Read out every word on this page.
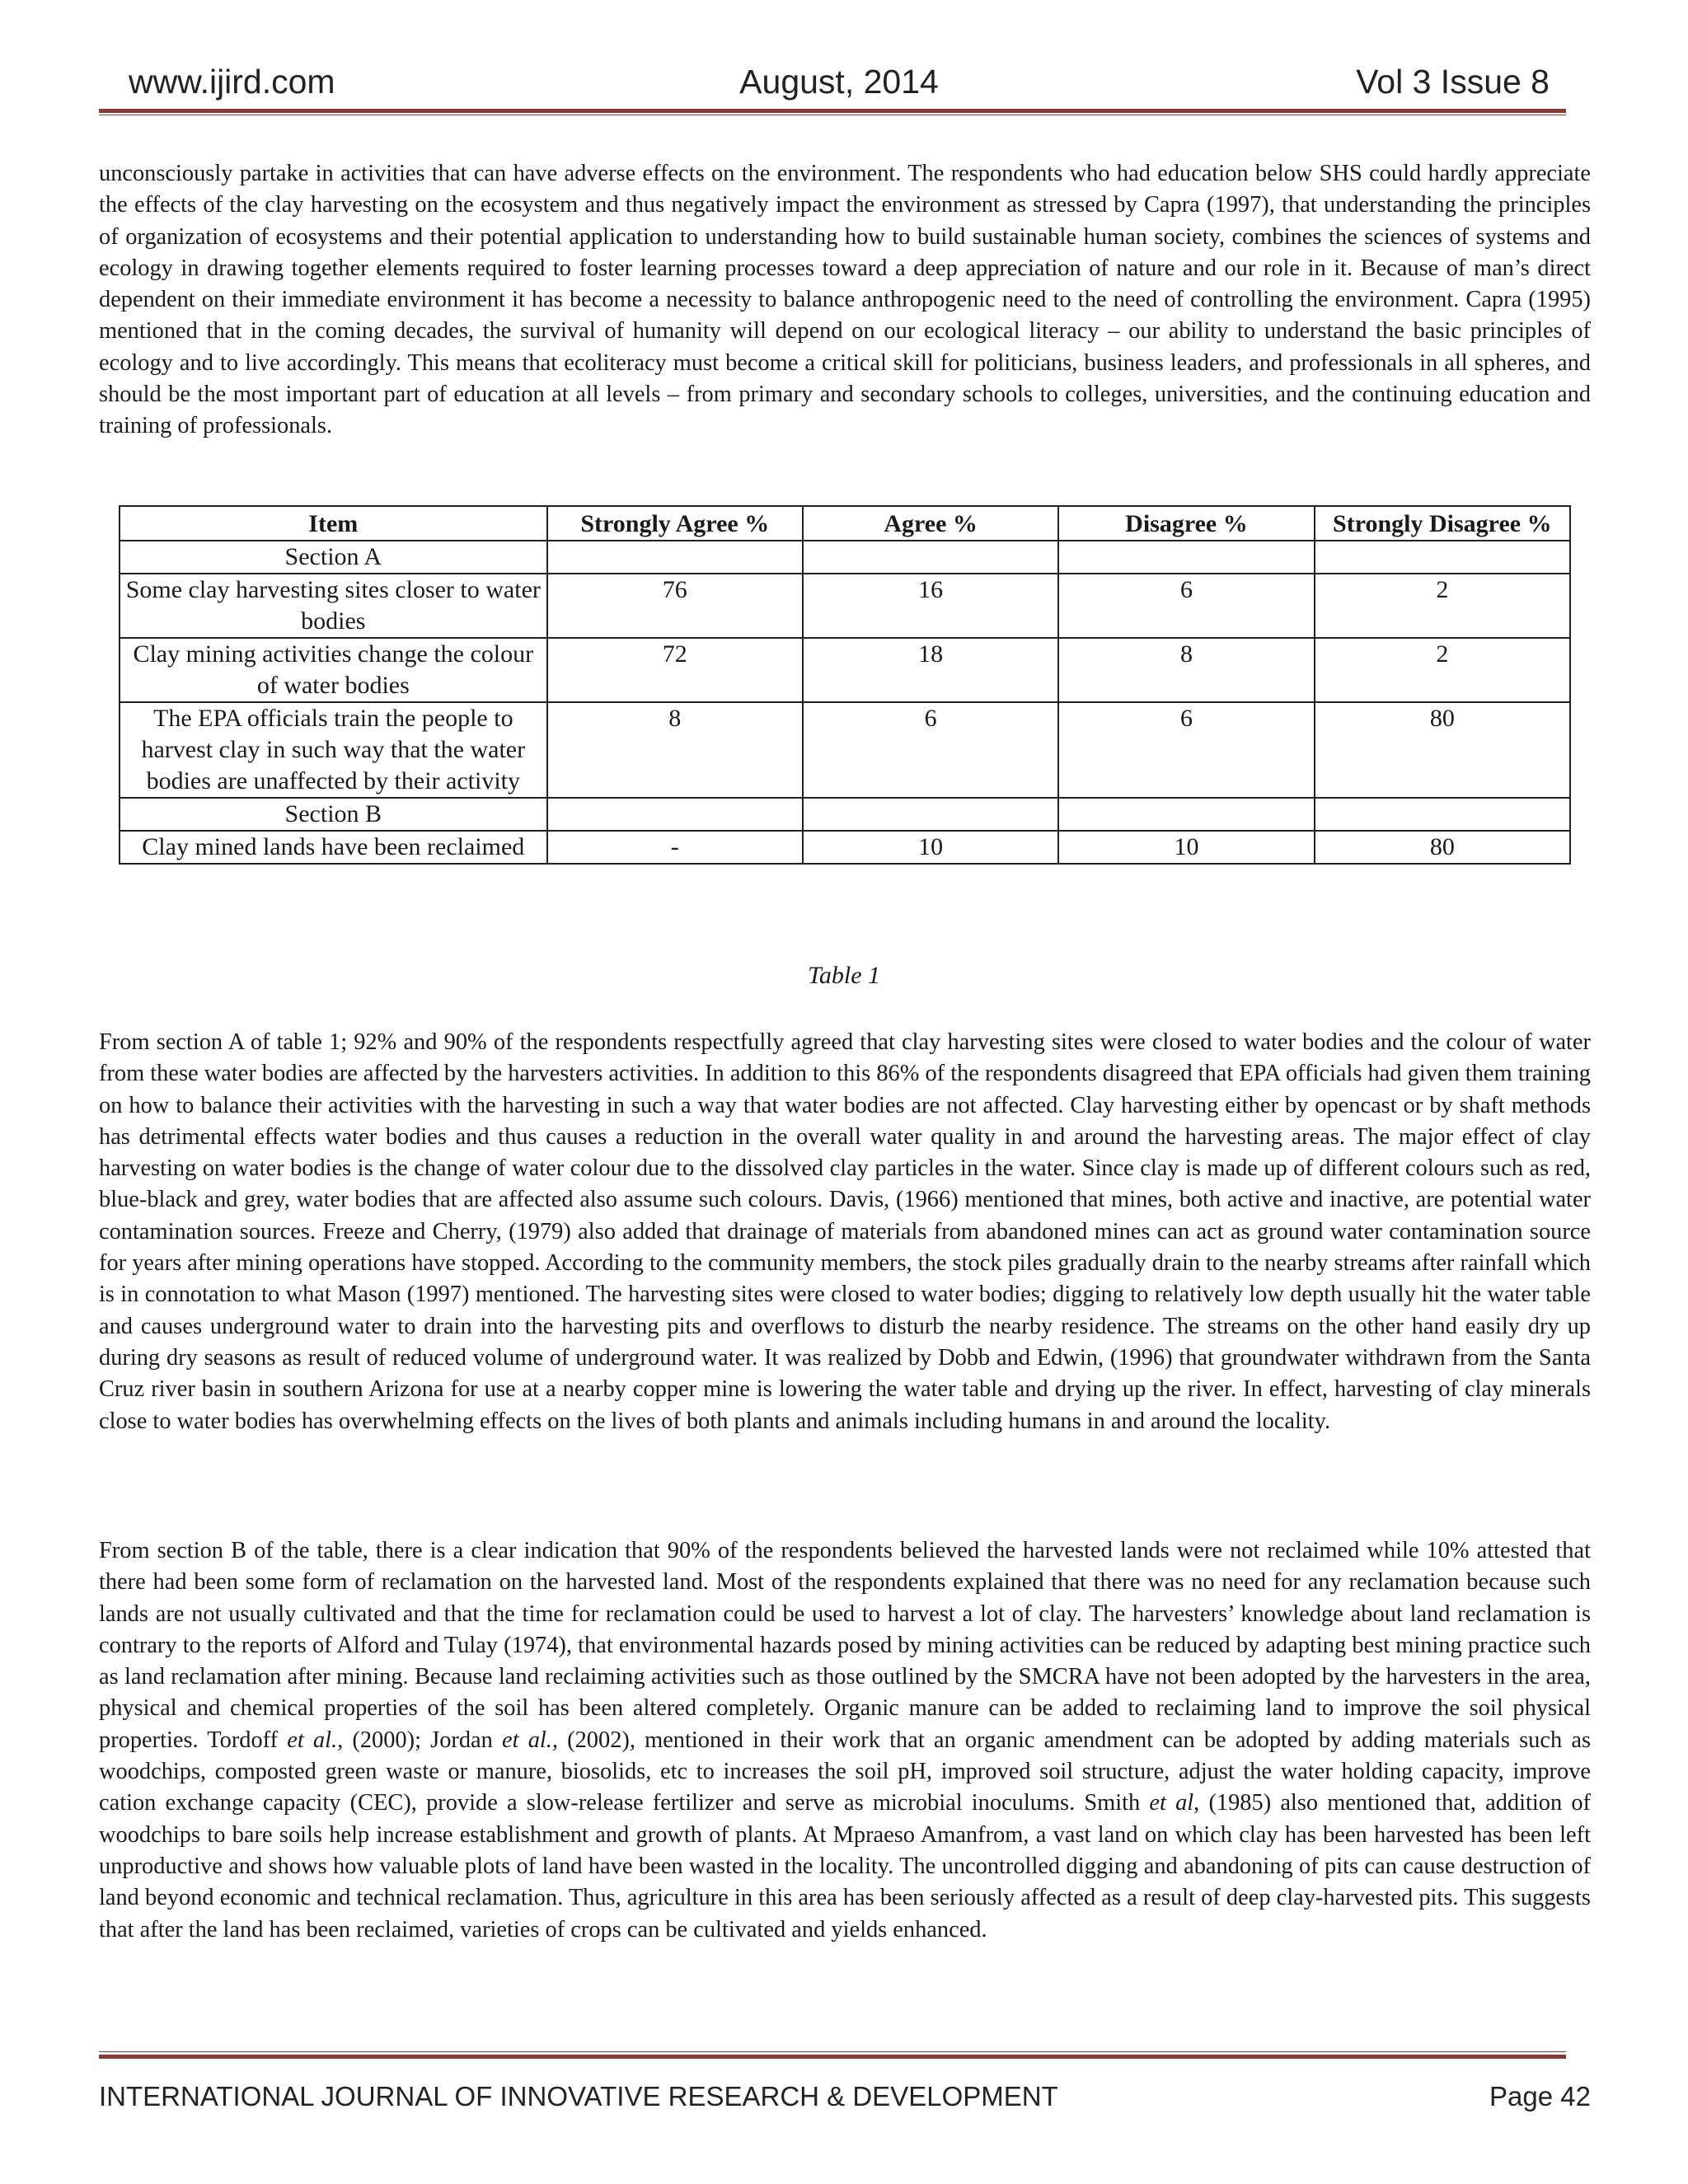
www.ijird.com	August, 2014	Vol 3 Issue 8

unconsciously partake in activities that can have adverse effects on the environment. The respondents who had education below SHS could hardly appreciate the effects of the clay harvesting on the ecosystem and thus negatively impact the environment as stressed by Capra (1997), that understanding the principles of organization of ecosystems and their potential application to understanding how to build sustainable human society, combines the sciences of systems and ecology in drawing together elements required to foster learning processes toward a deep appreciation of nature and our role in it. Because of man’s direct dependent on their immediate environment it has become a necessity to balance anthropogenic need to the need of controlling the environment. Capra (1995) mentioned that in the coming decades, the survival of humanity will depend on our ecological literacy – our ability to understand the basic principles of ecology and to live accordingly. This means that ecoliteracy must become a critical skill for politicians, business leaders, and professionals in all spheres, and should be the most important part of education at all levels – from primary and secondary schools to colleges, universities, and the continuing education and training of professionals.

Item	Strongly Agree %	Agree %	Disagree %	Strongly Disagree %
Section A				
Some clay harvesting sites closer to water bodies	76	16	6	2
Clay mining activities change the colour of water bodies	72	18	8	2
The EPA officials train the people to harvest clay in such way that the water bodies are unaffected by their activity	8	6	6	80
Section B				
Clay mined lands have been reclaimed	-	10	10	80
Table 1

From section A of table 1; 92% and 90% of the respondents respectfully agreed that clay harvesting sites were closed to water bodies and the colour of water from these water bodies are affected by the harvesters activities. In addition to this 86% of the respondents disagreed that EPA officials had given them training on how to balance their activities with the harvesting in such a way that water bodies are not affected. Clay harvesting either by opencast or by shaft methods has detrimental effects water bodies and thus causes a reduction in the overall water quality in and around the harvesting areas. The major effect of clay harvesting on water bodies is the change of water colour due to the dissolved clay particles in the water. Since clay is made up of different colours such as red, blue-black and grey, water bodies that are affected also assume such colours. Davis, (1966) mentioned that mines, both active and inactive, are potential water contamination sources. Freeze and Cherry, (1979) also added that drainage of materials from abandoned mines can act as ground water contamination source for years after mining operations have stopped. According to the community members, the stock piles gradually drain to the nearby streams after rainfall which is in connotation to what Mason (1997) mentioned. The harvesting sites were closed to water bodies; digging to relatively low depth usually hit the water table and causes underground water to drain into the harvesting pits and overflows to disturb the nearby residence. The streams on the other hand easily dry up during dry seasons as result of reduced volume of underground water. It was realized by Dobb and Edwin, (1996) that groundwater withdrawn from the Santa Cruz river basin in southern Arizona for use at a nearby copper mine is lowering the water table and drying up the river. In effect, harvesting of clay minerals close to water bodies has overwhelming effects on the lives of both plants and animals including humans in and around the locality.

From section B of the table, there is a clear indication that 90% of the respondents believed the harvested lands were not reclaimed while 10% attested that there had been some form of reclamation on the harvested land. Most of the respondents explained that there was no need for any reclamation because such lands are not usually cultivated and that the time for reclamation could be used to harvest a lot of clay. The harvesters’ knowledge about land reclamation is contrary to the reports of Alford and Tulay (1974), that environmental hazards posed by mining activities can be reduced by adapting best mining practice such as land reclamation after mining. Because land reclaiming activities such as those outlined by the SMCRA have not been adopted by the harvesters in the area, physical and chemical properties of the soil has been altered completely. Organic manure can be added to reclaiming land to improve the soil physical properties. Tordoff et al., (2000); Jordan et al., (2002), mentioned in their work that an organic amendment can be adopted by adding materials such as woodchips, composted green waste or manure, biosolids, etc to increases the soil pH, improved soil structure, adjust the water holding capacity, improve cation exchange capacity (CEC), provide a slow-release fertilizer and serve as microbial inoculums. Smith et al, (1985) also mentioned that, addition of woodchips to bare soils help increase establishment and growth of plants. At Mpraeso Amanfrom, a vast land on which clay has been harvested has been left unproductive and shows how valuable plots of land have been wasted in the locality. The uncontrolled digging and abandoning of pits can cause destruction of land beyond economic and technical reclamation. Thus, agriculture in this area has been seriously affected as a result of deep clay-harvested pits. This suggests that after the land has been reclaimed, varieties of crops can be cultivated and yields enhanced.

INTERNATIONAL JOURNAL OF INNOVATIVE RESEARCH & DEVELOPMENT	Page 42
